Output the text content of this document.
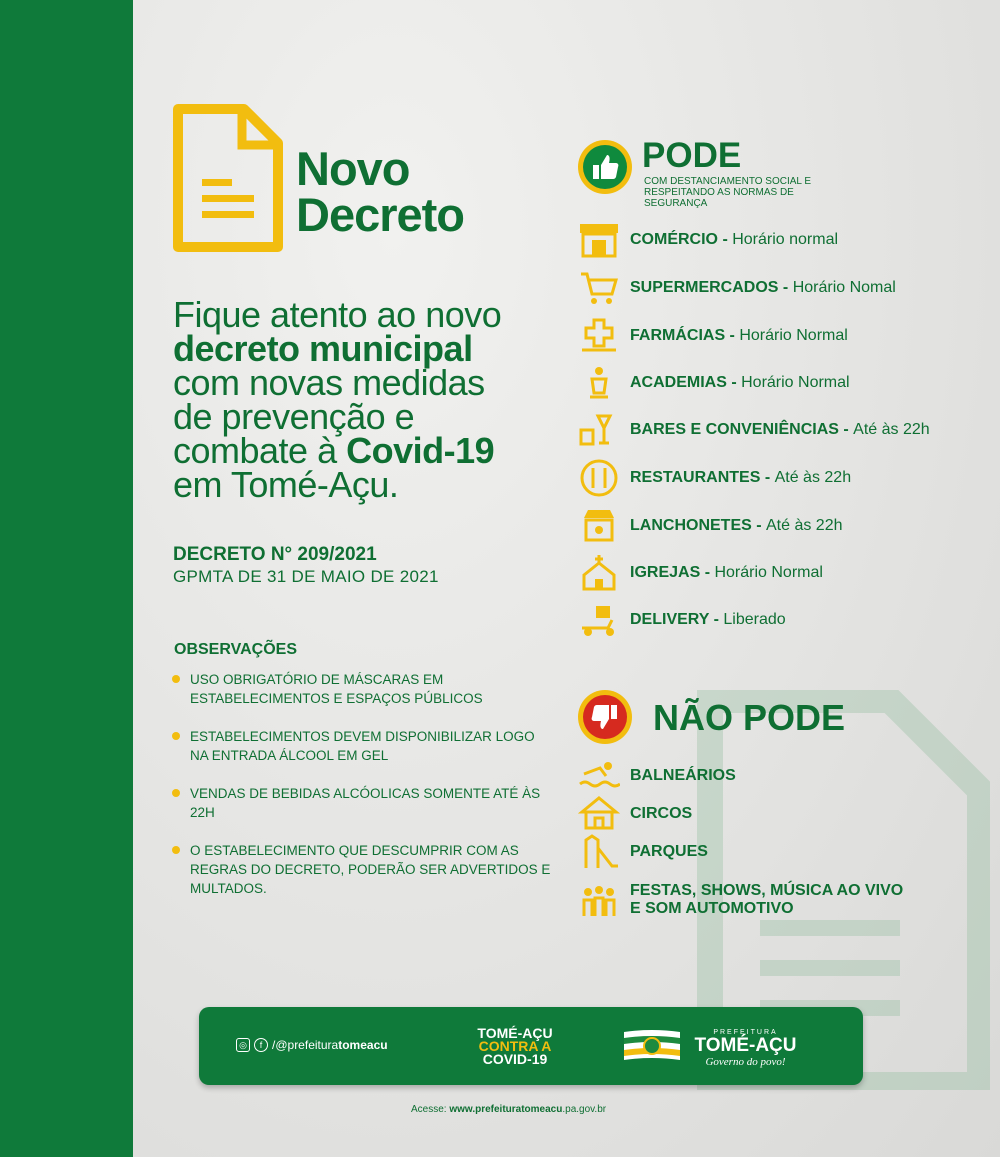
Novo
Decreto
Fique atento ao novo
decreto municipal
com novas medidas
de prevenção e
combate à Covid-19
em Tomé-Açu.
DECRETO N° 209/2021
GPMTA DE 31 DE MAIO DE 2021
OBSERVAÇÕES
USO OBRIGATÓRIO DE MÁSCARAS EM ESTABELECIMENTOS E ESPAÇOS PÚBLICOS
ESTABELECIMENTOS DEVEM DISPONIBILIZAR LOGO NA ENTRADA ÁLCOOL EM GEL
VENDAS DE BEBIDAS ALCÓOLICAS SOMENTE ATÉ ÀS 22H
O ESTABELECIMENTO QUE DESCUMPRIR COM AS REGRAS DO DECRETO, PODERÃO SER ADVERTIDOS E MULTADOS.
PODE
COM DESTANCIAMENTO SOCIAL E RESPEITANDO AS NORMAS DE SEGURANÇA
COMÉRCIO - Horário normal
SUPERMERCADOS - Horário Nomal
FARMÁCIAS - Horário Normal
ACADEMIAS - Horário Normal
BARES E CONVENIÊNCIAS - Até às 22h
RESTAURANTES - Até às 22h
LANCHONETES - Até às 22h
IGREJAS - Horário Normal
DELIVERY - Liberado
NÃO PODE
BALNEÁRIOS
CIRCOS
PARQUES
FESTAS, SHOWS, MÚSICA AO VIVO
E SOM AUTOMOTIVO
◎	f /@prefeitura tomeacu
TOMÉ-AÇU
CONTRA A
COVID-19
PREFEITURA
TOMÉ-AÇU
Governo do povo!
Acesse: www.prefeituratomeacu.pa.gov.br
